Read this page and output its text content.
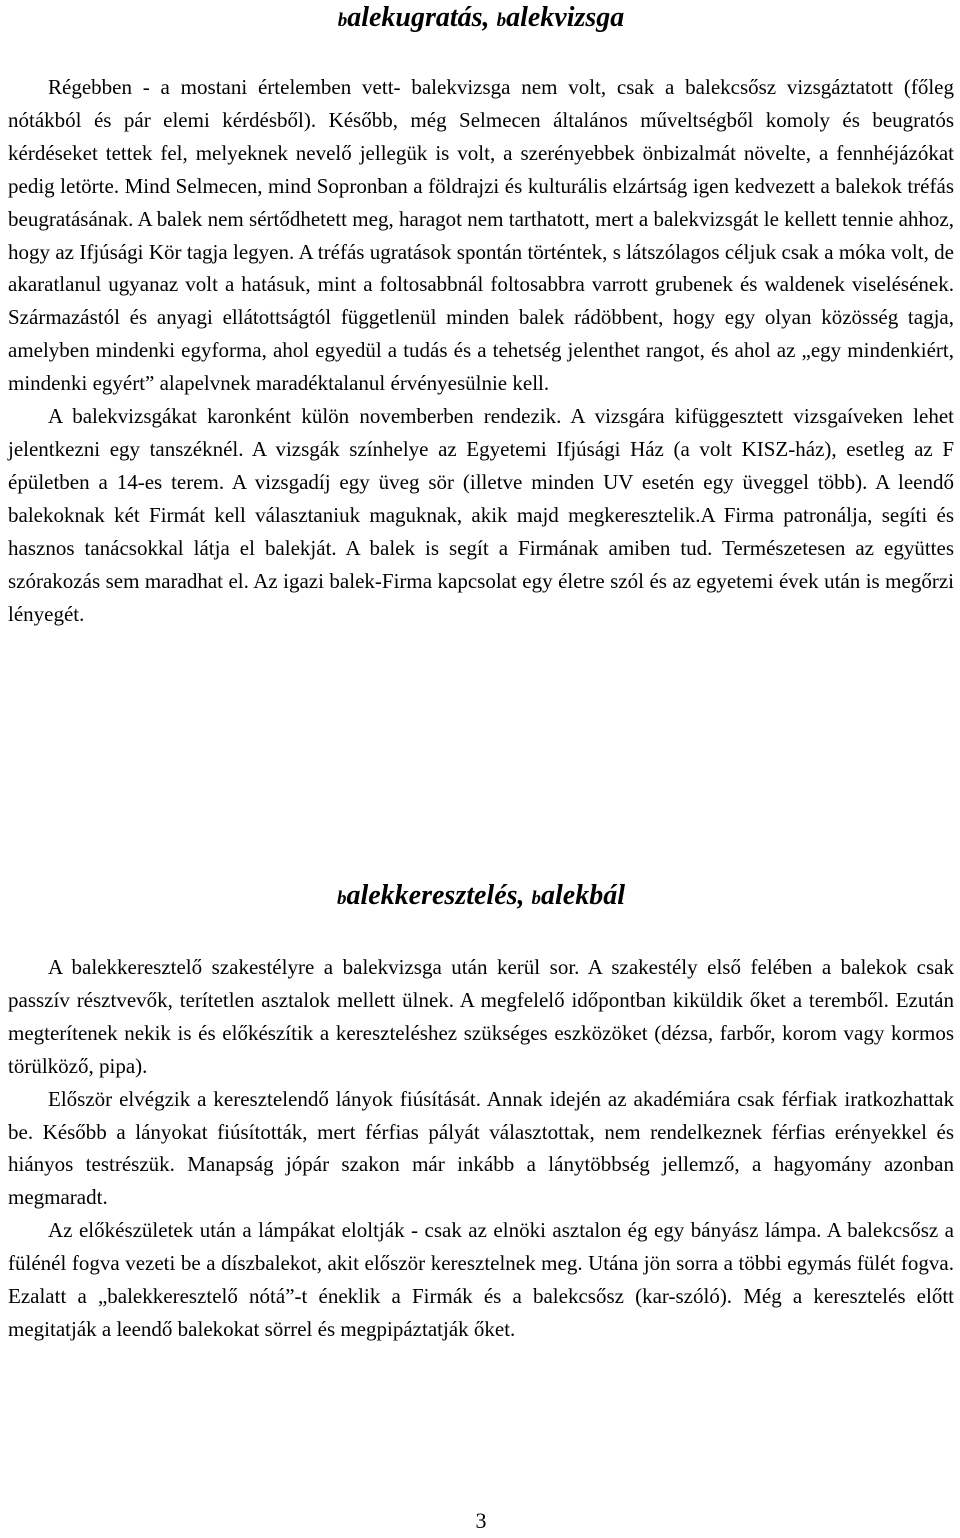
balekugratás, balekvizsga

Régebben - a mostani értelemben vett- balekvizsga nem volt, csak a balekcsősz vizsgáztatott (főleg nótákból és pár elemi kérdésből). Később, még Selmecen általános műveltségből komoly és beugratós kérdéseket tettek fel, melyeknek nevelő jellegük is volt, a szerényebbek önbizalmát növelte, a fennhéjázókat pedig letörte. Mind Selmecen, mind Sopronban a földrajzi és kulturális elzártság igen kedvezett a balekok tréfás beugratásának. A balek nem sértődhetett meg, haragot nem tarthatott, mert a balekvizsgát le kellett tennie ahhoz, hogy az Ifjúsági Kör tagja legyen. A tréfás ugratások spontán történtek, s látszólagos céljuk csak a móka volt, de akaratlanul ugyanaz volt a hatásuk, mint a foltosabbnál foltosabbra varrott grubenek és waldenek viselésének. Származástól és anyagi ellátottságtól függetlenül minden balek rádöbbent, hogy egy olyan közösség tagja, amelyben mindenki egyforma, ahol egyedül a tudás és a tehetség jelenthet rangot, és ahol az „egy mindenkiért, mindenki egyért” alapelvnek maradéktalanul érvényesülnie kell.

A balekvizsgákat karonként külön novemberben rendezik. A vizsgára kifüggesztett vizsgaíveken lehet jelentkezni egy tanszéknél. A vizsgák színhelye az Egyetemi Ifjúsági Ház (a volt KISZ-ház), esetleg az F épületben a 14-es terem. A vizsgadíj egy üveg sör (illetve minden UV esetén egy üveggel több). A leendő balekoknak két Firmát kell választaniuk maguknak, akik majd megkeresztelik.A Firma patronálja, segíti és hasznos tanácsokkal látja el balekját. A balek is segít a Firmának amiben tud. Természetesen az együttes szórakozás sem maradhat el. Az igazi balek-Firma kapcsolat egy életre szól és az egyetemi évek után is megőrzi lényegét.

balekkeresztelés, balekbál

A balekkeresztelő szakestélyre a balekvizsga után kerül sor. A szakestély első felében a balekok csak passzív résztvevők, terítetlen asztalok mellett ülnek. A megfelelő időpontban kiküldik őket a teremből. Ezután megterítenek nekik is és előkészítik a kereszteléshez szükséges eszközöket (dézsa, farbőr, korom vagy kormos törülköző, pipa).

Először elvégzik a keresztelendő lányok fiúsítását. Annak idején az akadémiára csak férfiak iratkozhattak be. Később a lányokat fiúsították, mert férfias pályát választottak, nem rendelkeznek férfias erényekkel és hiányos testrészük. Manapság jópár szakon már inkább a lánytöbbség jellemző, a hagyomány azonban megmaradt.

Az előkészületek után a lámpákat eloltják - csak az elnöki asztalon ég egy bányász lámpa. A balekcsősz a fülénél fogva vezeti be a díszbalekot, akit először keresztelnek meg. Utána jön sorra a többi egymás fülét fogva. Ezalatt a „balekkeresztelő nótá”-t éneklik a Firmák és a balekcsősz (kar-szóló). Még a keresztelés előtt megitatják a leendő balekokat sörrel és megpipáztatják őket.

3
